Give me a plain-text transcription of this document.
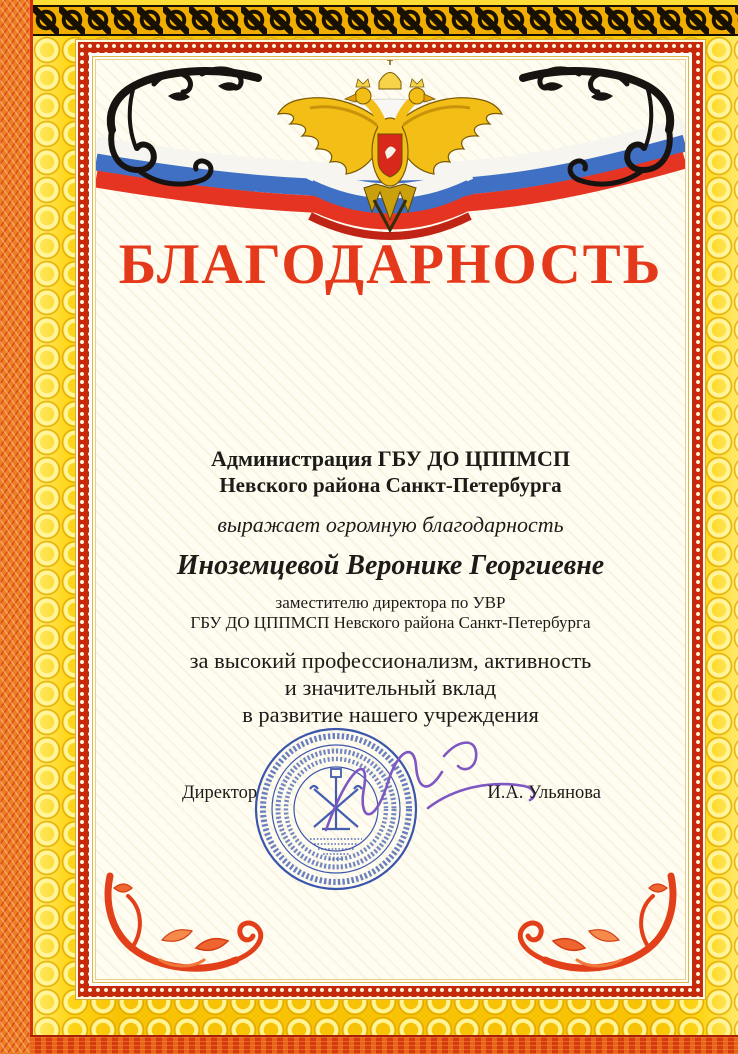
БЛАГОДАРНОСТЬ
Администрация ГБУ ДО ЦППМСП
Невского района Санкт-Петербурга
выражает огромную благодарность
Иноземцевой Веронике Георгиевне
заместителю директора по УВР
ГБУ ДО ЦППМСП Невского района Санкт-Петербурга
за высокий профессионализм, активность
и значительный вклад
в развитие нашего учреждения
Директор	И.А. Ульянова
